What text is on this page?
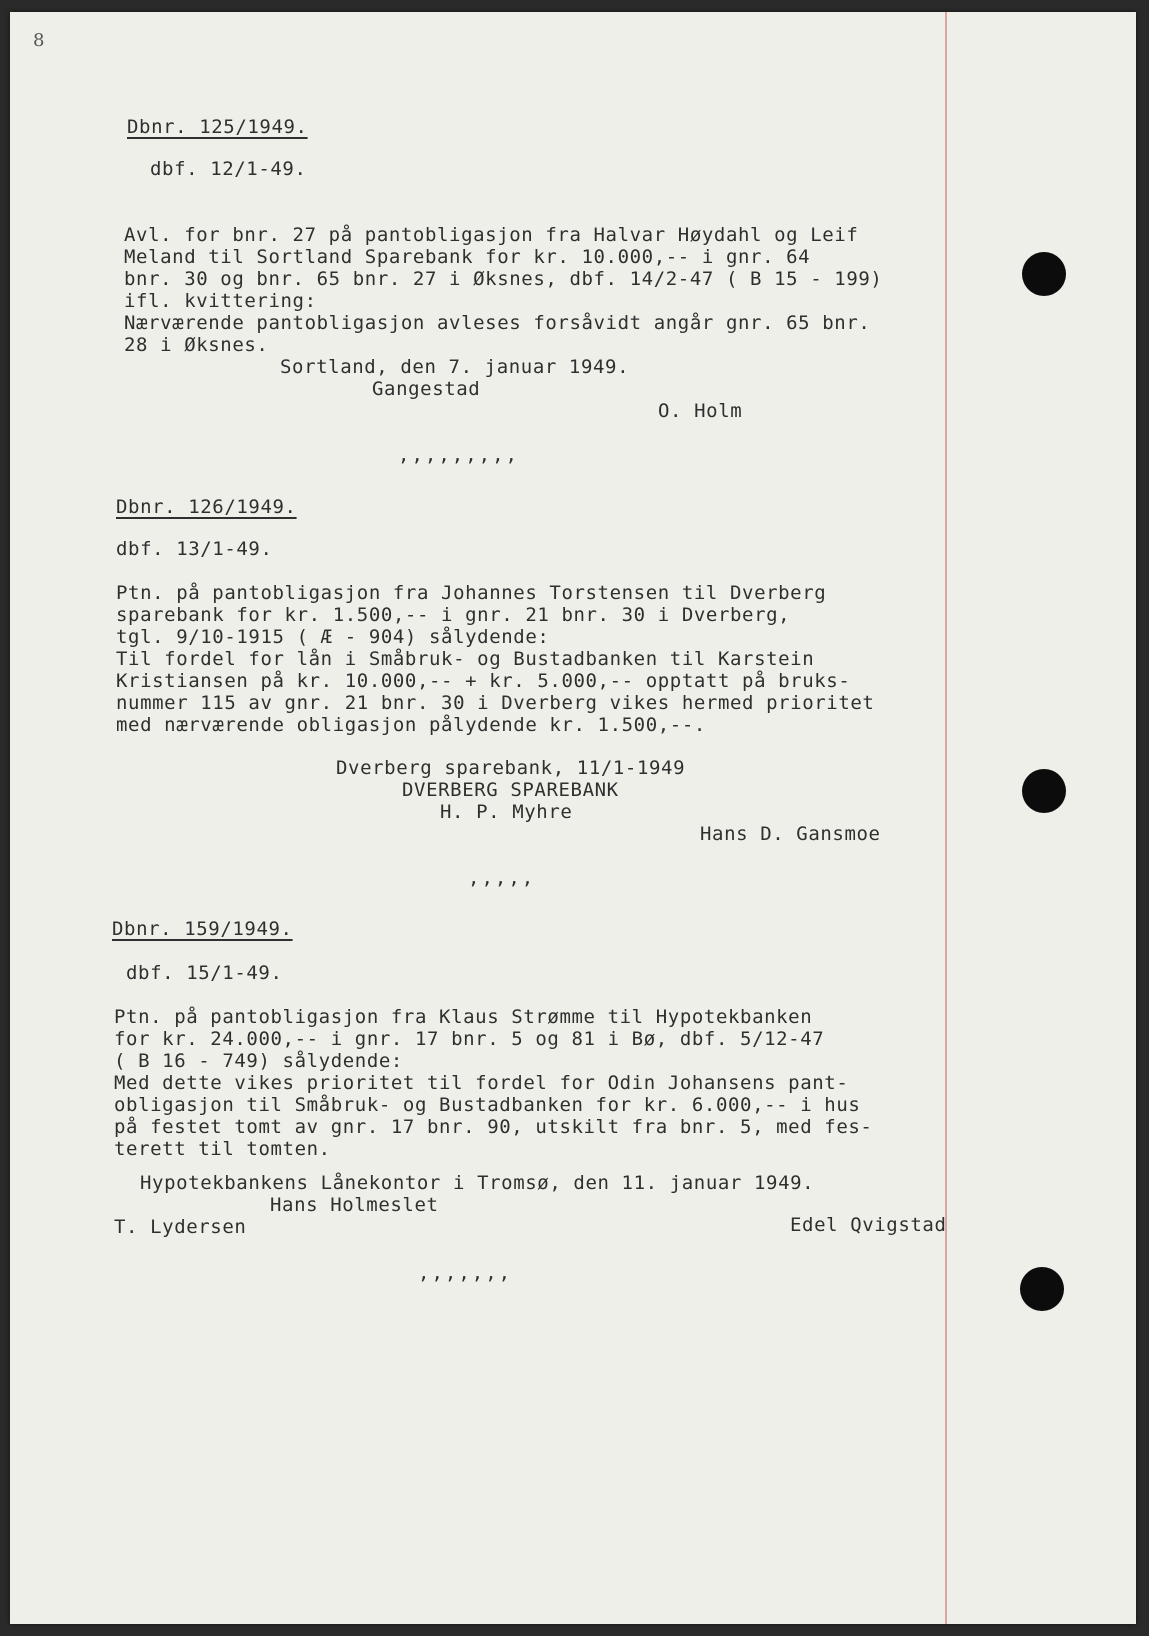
8
Dbnr. 125/1949.
dbf. 12/1-49.
Avl. for bnr. 27 på pantobligasjon fra Halvar Høydahl og Leif
Meland til Sortland Sparebank for kr. 10.000,-- i gnr. 64
bnr. 30 og bnr. 65 bnr. 27 i Øksnes, dbf. 14/2-47 ( B 15 - 199)
ifl. kvittering:
Nærværende pantobligasjon avleses forsåvidt angår gnr. 65 bnr.
28 i Øksnes.
Sortland, den 7. januar 1949.
Gangestad
O. Holm
,,,,,,,,,
Dbnr. 126/1949.
dbf. 13/1-49.
Ptn. på pantobligasjon fra Johannes Torstensen til Dverberg
sparebank for kr. 1.500,-- i gnr. 21 bnr. 30 i Dverberg,
tgl. 9/10-1915 ( Æ - 904) sålydende:
Til fordel for lån i Småbruk- og Bustadbanken til Karstein
Kristiansen på kr. 10.000,-- + kr. 5.000,-- opptatt på bruks-
nummer 115 av gnr. 21 bnr. 30 i Dverberg vikes hermed prioritet
med nærværende obligasjon pålydende kr. 1.500,--.
Dverberg sparebank, 11/1-1949
DVERBERG SPAREBANK
H. P. Myhre
Hans D. Gansmoe
,,,,,
Dbnr. 159/1949.
dbf. 15/1-49.
Ptn. på pantobligasjon fra Klaus Strømme til Hypotekbanken
for kr. 24.000,-- i gnr. 17 bnr. 5 og 81 i Bø, dbf. 5/12-47
( B 16 - 749) sålydende:
Med dette vikes prioritet til fordel for Odin Johansens pant-
obligasjon til Småbruk- og Bustadbanken for kr. 6.000,-- i hus
på festet tomt av gnr. 17 bnr. 90, utskilt fra bnr. 5, med fes-
terett til tomten.
Hypotekbankens Lånekontor i Tromsø, den 11. januar 1949.
Hans Holmeslet
T. Lydersen	Edel Qvigstad
,,,,,,,
